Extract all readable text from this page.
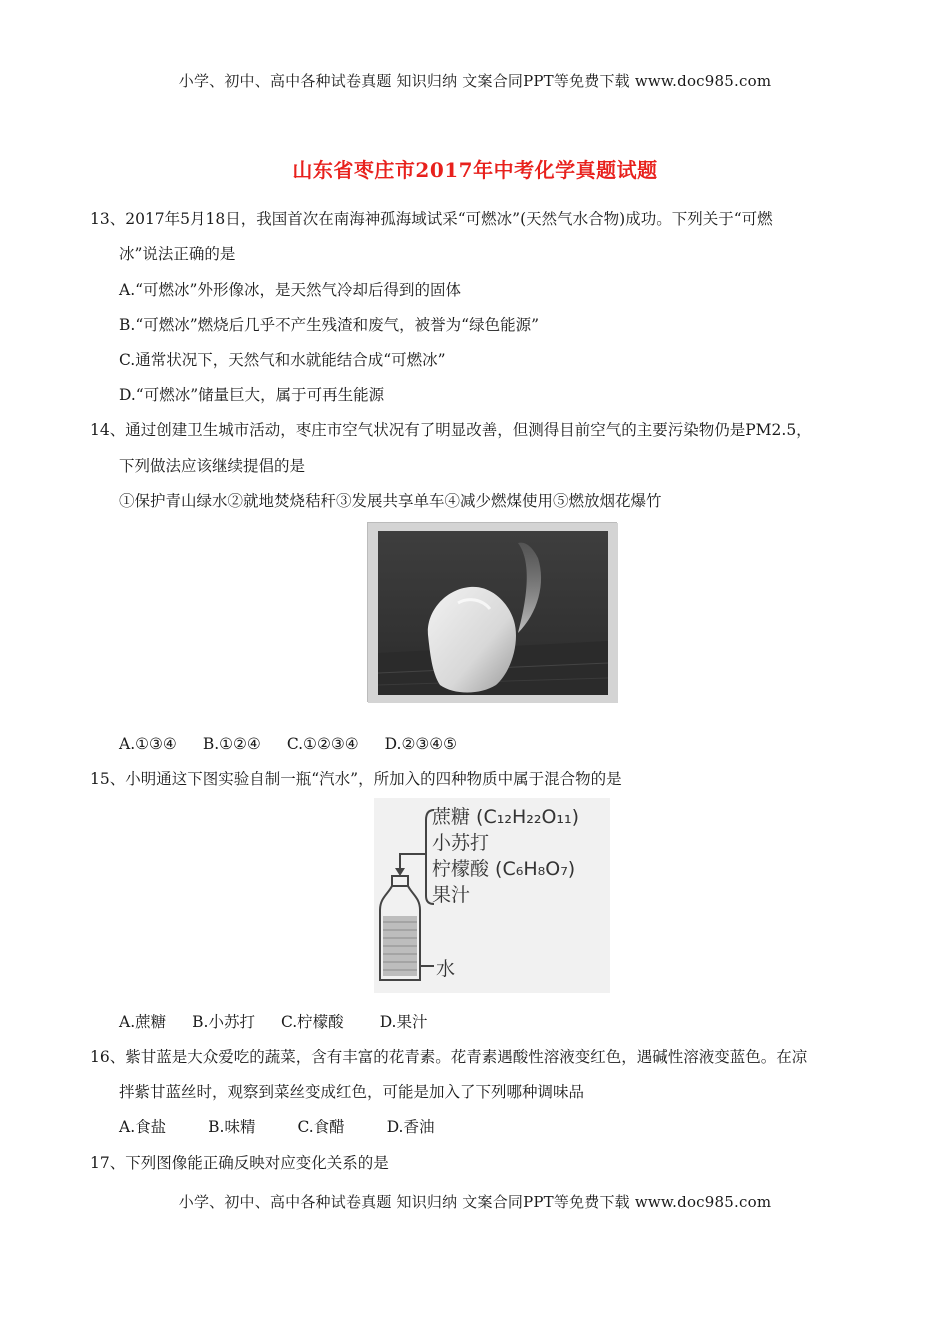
小学、初中、高中各种试卷真题 知识归纳 文案合同PPT等免费下载 www.doc985.com
山东省枣庄市2017年中考化学真题试题
13、2017年5月18日，我国首次在南海神孤海域试采“可燃冰”(天然气水合物)成功。下列关于“可燃
冰”说法正确的是
A.“可燃冰”外形像冰，是天然气冷却后得到的固体
B.“可燃冰”燃烧后几乎不产生残渣和废气，被誉为“绿色能源”
C.通常状况下，天然气和水就能结合成“可燃冰”
D.“可燃冰”储量巨大，属于可再生能源
14、通过创建卫生城市活动，枣庄市空气状况有了明显改善，但测得目前空气的主要污染物仍是PM2.5，
下列做法应该继续提倡的是
①保护青山绿水②就地焚烧秸秆③发展共享单车④减少燃煤使用⑤燃放烟花爆竹
A.①③④ B.①②④ C.①②③④ D.②③④⑤
15、小明通这下图实验自制一瓶“汽水”，所加入的四种物质中属于混合物的是
蔗糖 (C₁₂H₂₂O₁₁)
小苏打
柠檬酸 (C₆H₈O₇)
果汁
水
A.蔗糖 B.小苏打 C.柠檬酸 D.果汁
16、紫甘蓝是大众爱吃的蔬菜，含有丰富的花青素。花青素遇酸性溶液变红色，遇碱性溶液变蓝色。在凉
拌紫甘蓝丝时，观察到菜丝变成红色，可能是加入了下列哪种调味品
A.食盐	B.味精	C.食醋	D.香油
17、下列图像能正确反映对应变化关系的是
小学、初中、高中各种试卷真题 知识归纳 文案合同PPT等免费下载 www.doc985.com
